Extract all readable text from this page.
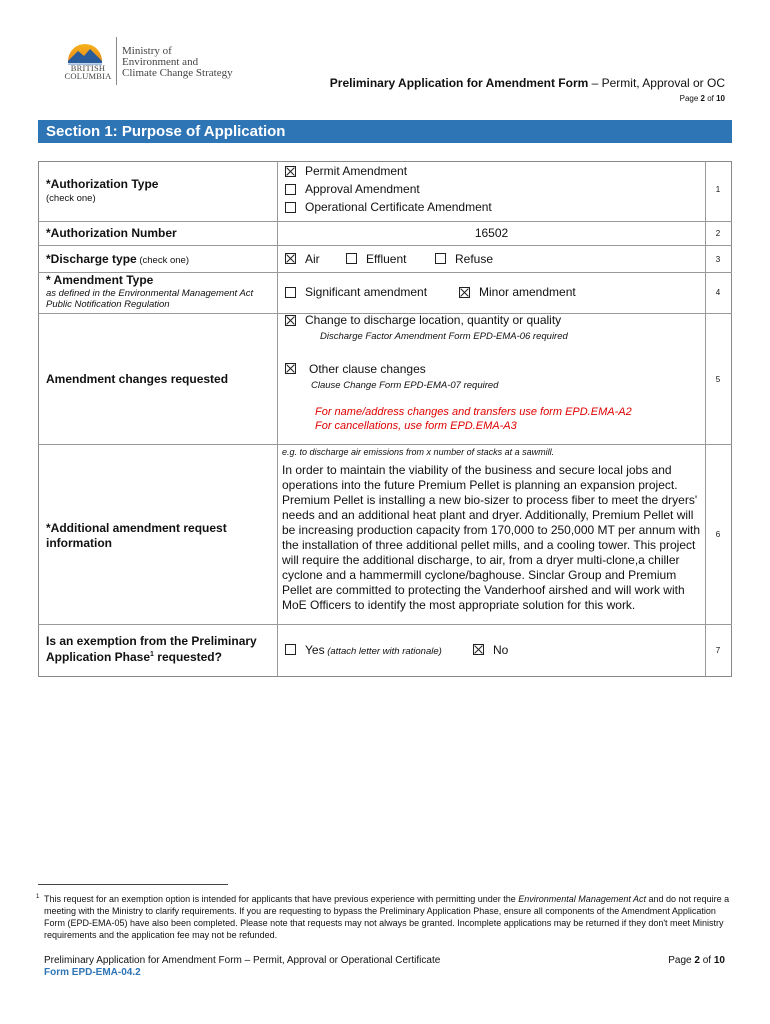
BRITISH COLUMBIA
Ministry of
Environment and
Climate Change Strategy
Preliminary Application for Amendment Form – Permit, Approval or OC
Page 2 of 10
Section 1: Purpose of Application
*Authorization Type
(check one)
Permit Amendment
Approval Amendment
Operational Certificate Amendment
1
*Authorization Number	16502	2
*Discharge type (check one)	Air	Effluent	Refuse	3
* Amendment Type
as defined in the Environmental Management Act
Public Notification Regulation
Significant amendment	Minor amendment	4
Amendment changes requested
Change to discharge location, quantity or quality
Discharge Factor Amendment Form EPD-EMA-06 required
Other clause changes
Clause Change Form EPD-EMA-07 required
For name/address changes and transfers use form EPD.EMA-A2
For cancellations, use form EPD.EMA-A3
5
*Additional amendment request
information
e.g. to discharge air emissions from x number of stacks at a sawmill.
In order to maintain the viability of the business and secure local jobs and operations into the future Premium Pellet is planning an expansion project. Premium Pellet is installing a new bio-sizer to process fiber to meet the dryers' needs and an additional heat plant and dryer. Additionally, Premium Pellet will be increasing production capacity from 170,000 to 250,000 MT per annum with the installation of three additional pellet mills, and a cooling tower. This project will require the additional discharge, to air, from a dryer multi-clone,a chiller cyclone and a hammermill cyclone/baghouse. Sinclar Group and Premium Pellet are committed to protecting the Vanderhoof airshed and will work with MoE Officers to identify the most appropriate solution for this work.
6
Is an exemption from the Preliminary
Application Phase$^1$ requested?	Yes (attach letter with rationale)	No	7
1 This request for an exemption option is intended for applicants that have previous experience with permitting under the Environmental Management Act and do not require a meeting with the Ministry to clarify requirements. If you are requesting to bypass the Preliminary Application Phase, ensure all components of the Amendment Application Form (EPD-EMA-05) have also been completed. Please note that requests may not always be granted. Incomplete applications may be returned if they don't meet Ministry requirements and the application fee may not be refunded.
Preliminary Application for Amendment Form – Permit, Approval or Operational Certificate
Form EPD-EMA-04.2
Page 2 of 10
